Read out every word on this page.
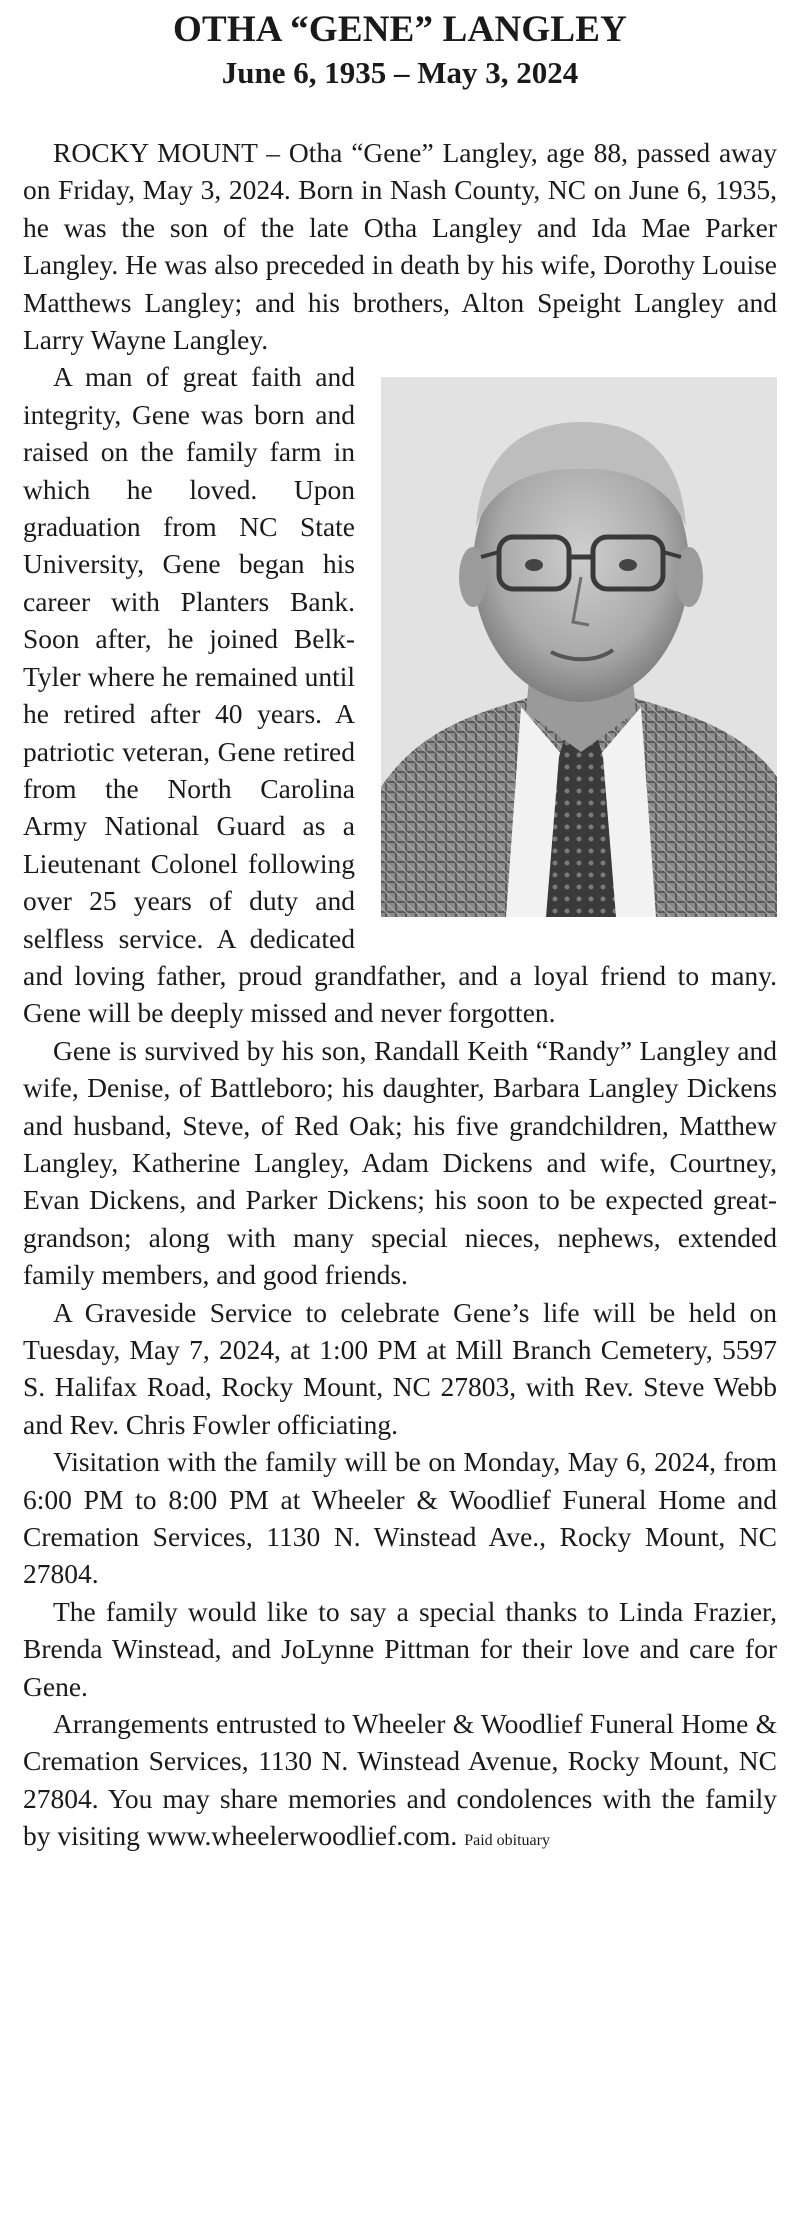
OTHA “GENE” LANGLEY
June 6, 1935 – May 3, 2024

ROCKY MOUNT – Otha “Gene” Langley, age 88, passed away on Friday, May 3, 2024. Born in Nash County, NC on June 6, 1935, he was the son of the late Otha Langley and Ida Mae Parker Langley. He was also preceded in death by his wife, Dorothy Louise Matthews Langley; and his brothers, Alton Speight Langley and Larry Wayne Langley.

A man of great faith and integrity, Gene was born and raised on the family farm in which he loved. Upon graduation from NC State University, Gene began his career with Planters Bank. Soon after, he joined Belk-Tyler where he remained until he retired after 40 years. A patriotic veteran, Gene retired from the North Carolina Army National Guard as a Lieutenant Colonel following over 25 years of duty and selfless service. A dedicated and loving father, proud grandfather, and a loyal friend to many. Gene will be deeply missed and never forgotten.

Gene is survived by his son, Randall Keith “Randy” Langley and wife, Denise, of Battleboro; his daughter, Barbara Langley Dickens and husband, Steve, of Red Oak; his five grandchildren, Matthew Langley, Katherine Langley, Adam Dickens and wife, Courtney, Evan Dickens, and Parker Dickens; his soon to be expected great-grandson; along with many special nieces, nephews, extended family members, and good friends.

A Graveside Service to celebrate Gene’s life will be held on Tuesday, May 7, 2024, at 1:00 PM at Mill Branch Cemetery, 5597 S. Halifax Road, Rocky Mount, NC 27803, with Rev. Steve Webb and Rev. Chris Fowler officiating.

Visitation with the family will be on Monday, May 6, 2024, from 6:00 PM to 8:00 PM at Wheeler & Woodlief Funeral Home and Cremation Services, 1130 N. Winstead Ave., Rocky Mount, NC 27804.

The family would like to say a special thanks to Linda Frazier, Brenda Winstead, and JoLynne Pittman for their love and care for Gene.

Arrangements entrusted to Wheeler & Woodlief Funeral Home & Cremation Services, 1130 N. Winstead Avenue, Rocky Mount, NC 27804. You may share memories and condolences with the family by visiting www.wheelerwoodlief.com. Paid obituary
